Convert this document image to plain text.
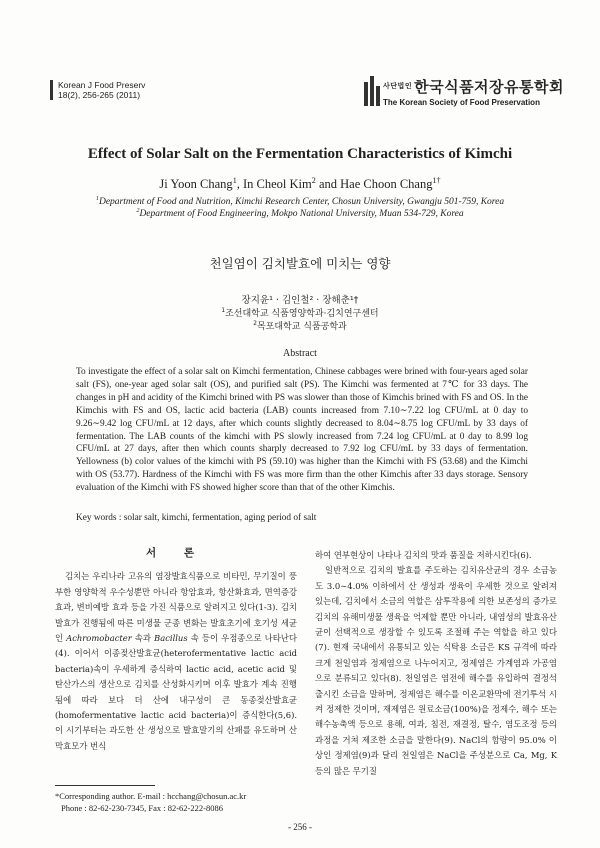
Korean J Food Preserv
18(2), 256-265 (2011)
$^{사단법인}$ 한국식품저장유통학회
The Korean Society of Food Preservation
Effect of Solar Salt on the Fermentation Characteristics of Kimchi
Ji Yoon Chang$^1$, In Cheol Kim$^2$ and Hae Choon Chang$^{1\dagger}$
$^1$Department of Food and Nutrition, Kimchi Research Center, Chosun University, Gwangju 501-759, Korea
$^2$Department of Food Engineering, Mokpo National University, Muan 534-729, Korea
천일염이 김치발효에 미치는 영향
장지윤¹ · 김인철² · 장해춘¹†
$^1$조선대학교 식품영양학과·김치연구센터
$^2$목포대학교 식품공학과
Abstract

To investigate the effect of a solar salt on Kimchi fermentation, Chinese cabbages were brined with four-years aged solar salt (FS), one-year aged solar salt (OS), and purified salt (PS). The Kimchi was fermented at 7℃ for 33 days. The changes in pH and acidity of the Kimchi brined with PS was slower than those of Kimchis brined with FS and OS. In the Kimchis with FS and OS, lactic acid bacteria (LAB) counts increased from 7.10∼7.22 log CFU/mL at 0 day to 9.26∼9.42 log CFU/mL at 12 days, after which counts slightly decreased to 8.04∼8.75 log CFU/mL by 33 days of fermentation. The LAB counts of the kimchi with PS slowly increased from 7.24 log CFU/mL at 0 day to 8.99 log CFU/mL at 27 days, after then which counts sharply decreased to 7.92 log CFU/mL by 33 days of fermentation. Yellowness (b) color values of the kimchi with PS (59.10) was higher than the Kimchi with FS (53.68) and the Kimchi with OS (53.77). Hardness of the Kimchi with FS was more firm than the other Kimchis after 33 days storage. Sensory evaluation of the Kimchi with FS showed higher score than that of the other Kimchis.

Key words : solar salt, kimchi, fermentation, aging period of salt
서 론

김치는 우리나라 고유의 염장발효식품으로 비타민, 무기질이 풍부한 영양학적 우수성뿐만 아니라 항암효과, 항산화효과, 면역증강효과, 변비예방 효과 등을 가진 식품으로 알려지고 있다(1-3). 김치발효가 진행됨에 따른 미생물 군종 변화는 발효초기에 호기성 세균인 Achromobacter 속과 Bacillus 속 등이 우점종으로 나타난다(4). 이어서 이종젖산발효균(heterofermentative lactic acid bacteria)속이 우세하게 증식하여 lactic acid, acetic acid 및 탄산가스의 생산으로 김치를 산성화시키며 이후 발효가 계속 진행됨에 따라 보다 더 산에 내구성이 큰 동종젖산발효균(homofermentative lactic acid bacteria)이 증식한다(5,6). 이 시기부터는 과도한 산 생성으로 발효말기의 산패를 유도하며 산막효모가 번식

하여 연부현상이 나타나 김치의 맛과 품질을 저하시킨다(6).

일반적으로 김치의 발효를 주도하는 김치유산균의 경우 소금농도 3.0∼4.0% 이하에서 산 생성과 생육이 우세한 것으로 알려져 있는데, 김치에서 소금의 역할은 삼투작용에 의한 보존성의 증가로 김치의 유해미생물 생육을 억제할 뿐만 아니라, 내염성의 발효유산균이 선택적으로 생장할 수 있도록 조절해 주는 역할을 하고 있다(7). 현재 국내에서 유통되고 있는 식탁용 소금은 KS 규격에 따라 크게 천일염과 정제염으로 나누어지고, 정제염은 가계염과 가공염으로 분류되고 있다(8). 천일염은 염전에 해수를 유입하여 결정석출시킨 소금을 말하며, 정제염은 해수를 이온교환막에 전기투석 시켜 정제한 것이며, 재제염은 원료소금(100%)을 정제수, 해수 또는 해수농축액 등으로 용해, 여과, 침전, 재결정, 탈수, 염도조정 등의 과정을 거쳐 제조한 소금을 말한다(9). NaCl의 함량이 95.0% 이상인 정제염(9)과 달리 천일염은 NaCl을 주성분으로 Ca, Mg, K 등의 많은 무기질

*Corresponding author. E-mail : hcchang@chosun.ac.kr
Phone : 82-62-230-7345, Fax : 82-62-222-8086
- 256 -
